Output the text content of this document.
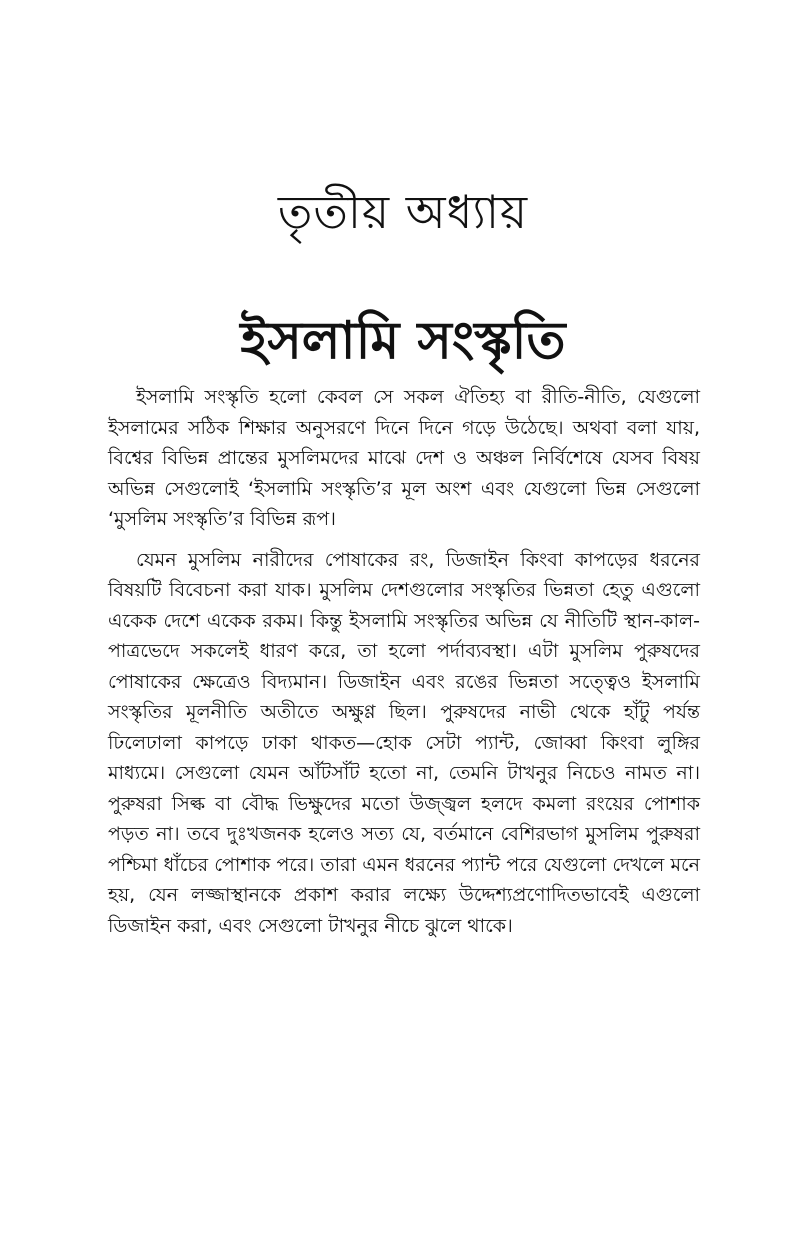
তৃতীয় অধ্যায়
ইসলামি সংস্কৃতি

ইসলামি সংস্কৃতি হলো কেবল সে সকল ঐতিহ্য বা রীতি-নীতি, যেগুলো ইসলামের সঠিক শিক্ষার অনুসরণে দিনে দিনে গড়ে উঠেছে। অথবা বলা যায়, বিশ্বের বিভিন্ন প্রান্তের মুসলিমদের মাঝে দেশ ও অঞ্চল নির্বিশেষে যেসব বিষয় অভিন্ন সেগুলোই ‘ইসলামি সংস্কৃতি’র মূল অংশ এবং যেগুলো ভিন্ন সেগুলো ‘মুসলিম সংস্কৃতি’র বিভিন্ন রূপ।

যেমন মুসলিম নারীদের পোষাকের রং, ডিজাইন কিংবা কাপড়ের ধরনের বিষয়টি বিবেচনা করা যাক। মুসলিম দেশগুলোর সংস্কৃতির ভিন্নতা হেতু এগুলো একেক দেশে একেক রকম। কিন্তু ইসলামি সংস্কৃতির অভিন্ন যে নীতিটি স্থান-কাল-পাত্রভেদে সকলেই ধারণ করে, তা হলো পর্দাব্যবস্থা। এটা মুসলিম পুরুষদের পোষাকের ক্ষেত্রেও বিদ্যমান। ডিজাইন এবং রঙের ভিন্নতা সত্ত্বেও ইসলামি সংস্কৃতির মূলনীতি অতীতে অক্ষুণ্ণ ছিল। পুরুষদের নাভী থেকে হাঁটু পর্যন্ত ঢিলেঢালা কাপড়ে ঢাকা থাকত—হোক সেটা প্যান্ট, জোব্বা কিংবা লুঙ্গির মাধ্যমে। সেগুলো যেমন আঁটসাঁট হতো না, তেমনি টাখনুর নিচেও নামত না। পুরুষরা সিল্ক বা বৌদ্ধ ভিক্ষুদের মতো উজ্জ্বল হলদে কমলা রংয়ের পোশাক পড়ত না। তবে দুঃখজনক হলেও সত্য যে, বর্তমানে বেশিরভাগ মুসলিম পুরুষরা পশ্চিমা ধাঁচের পোশাক পরে। তারা এমন ধরনের প্যান্ট পরে যেগুলো দেখলে মনে হয়, যেন লজ্জাস্থানকে প্রকাশ করার লক্ষ্যে উদ্দেশ্যপ্রণোদিতভাবেই এগুলো ডিজাইন করা, এবং সেগুলো টাখনুর নীচে ঝুলে থাকে।
